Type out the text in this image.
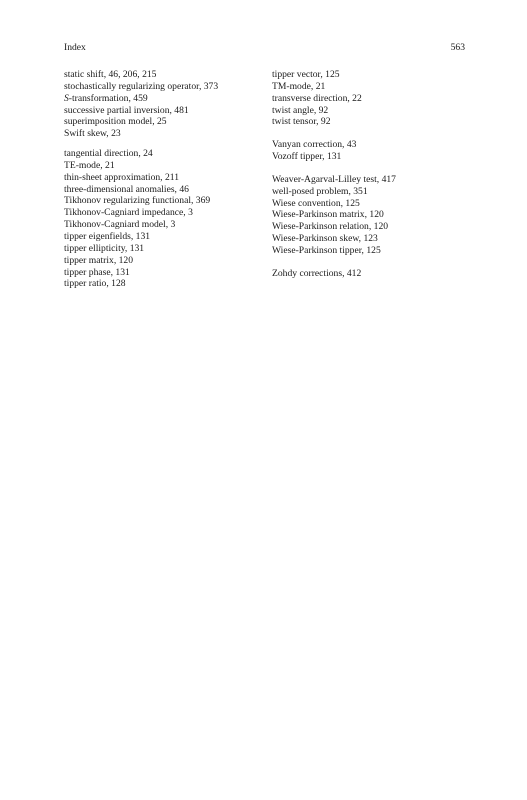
Index	563
static shift, 46, 206, 215
stochastically regularizing operator, 373
S-transformation, 459
successive partial inversion, 481
superimposition model, 25
Swift skew, 23
tangential direction, 24
TE-mode, 21
thin-sheet approximation, 211
three-dimensional anomalies, 46
Tikhonov regularizing functional, 369
Tikhonov-Cagniard impedance, 3
Tikhonov-Cagniard model, 3
tipper eigenfields, 131
tipper ellipticity, 131
tipper matrix, 120
tipper phase, 131
tipper ratio, 128
tipper vector, 125
TM-mode, 21
transverse direction, 22
twist angle, 92
twist tensor, 92
Vanyan correction, 43
Vozoff tipper, 131
Weaver-Agarval-Lilley test, 417
well-posed problem, 351
Wiese convention, 125
Wiese-Parkinson matrix, 120
Wiese-Parkinson relation, 120
Wiese-Parkinson skew, 123
Wiese-Parkinson tipper, 125
Zohdy corrections, 412
